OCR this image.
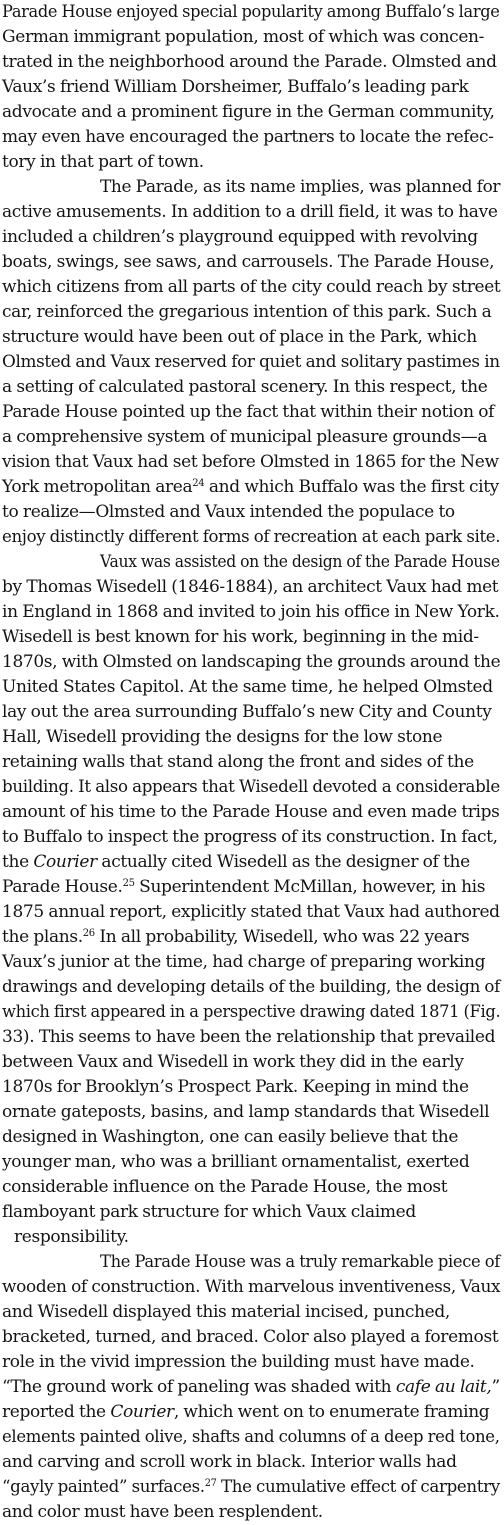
Parade House enjoyed special popularity among Buffalo’s large
German immigrant population, most of which was concen-
trated in the neighborhood around the Parade. Olmsted and
Vaux’s friend William Dorsheimer, Buffalo’s leading park
advocate and a prominent figure in the German community,
may even have encouraged the partners to locate the refec-
tory in that part of town.
The Parade, as its name implies, was planned for
active amusements. In addition to a drill field, it was to have
included a children’s playground equipped with revolving
boats, swings, see saws, and carrousels. The Parade House,
which citizens from all parts of the city could reach by street
car, reinforced the gregarious intention of this park. Such a
structure would have been out of place in the Park, which
Olmsted and Vaux reserved for quiet and solitary pastimes in
a setting of calculated pastoral scenery. In this respect, the
Parade House pointed up the fact that within their notion of
a comprehensive system of municipal pleasure grounds—a
vision that Vaux had set before Olmsted in 1865 for the New
York metropolitan area$^{24}$ and which Buffalo was the first city
to realize—Olmsted and Vaux intended the populace to
enjoy distinctly different forms of recreation at each park site.
Vaux was assisted on the design of the Parade House
by Thomas Wisedell (1846-1884), an architect Vaux had met
in England in 1868 and invited to join his office in New York.
Wisedell is best known for his work, beginning in the mid-
1870s, with Olmsted on landscaping the grounds around the
United States Capitol. At the same time, he helped Olmsted
lay out the area surrounding Buffalo’s new City and County
Hall, Wisedell providing the designs for the low stone
retaining walls that stand along the front and sides of the
building. It also appears that Wisedell devoted a considerable
amount of his time to the Parade House and even made trips
to Buffalo to inspect the progress of its construction. In fact,
the Courier actually cited Wisedell as the designer of the
Parade House.$^{25}$ Superintendent McMillan, however, in his
1875 annual report, explicitly stated that Vaux had authored
the plans.$^{26}$ In all probability, Wisedell, who was 22 years
Vaux’s junior at the time, had charge of preparing working
drawings and developing details of the building, the design of
which first appeared in a perspective drawing dated 1871 (Fig.
33). This seems to have been the relationship that prevailed
between Vaux and Wisedell in work they did in the early
1870s for Brooklyn’s Prospect Park. Keeping in mind the
ornate gateposts, basins, and lamp standards that Wisedell
designed in Washington, one can easily believe that the
younger man, who was a brilliant ornamentalist, exerted
considerable influence on the Parade House, the most
flamboyant park structure for which Vaux claimed
responsibility.
The Parade House was a truly remarkable piece of
wooden of construction. With marvelous inventiveness, Vaux
and Wisedell displayed this material incised, punched,
bracketed, turned, and braced. Color also played a foremost
role in the vivid impression the building must have made.
“The ground work of paneling was shaded with cafe au lait,”
reported the Courier, which went on to enumerate framing
elements painted olive, shafts and columns of a deep red tone,
and carving and scroll work in black. Interior walls had
“gayly painted” surfaces.$^{27}$ The cumulative effect of carpentry
and color must have been resplendent.
